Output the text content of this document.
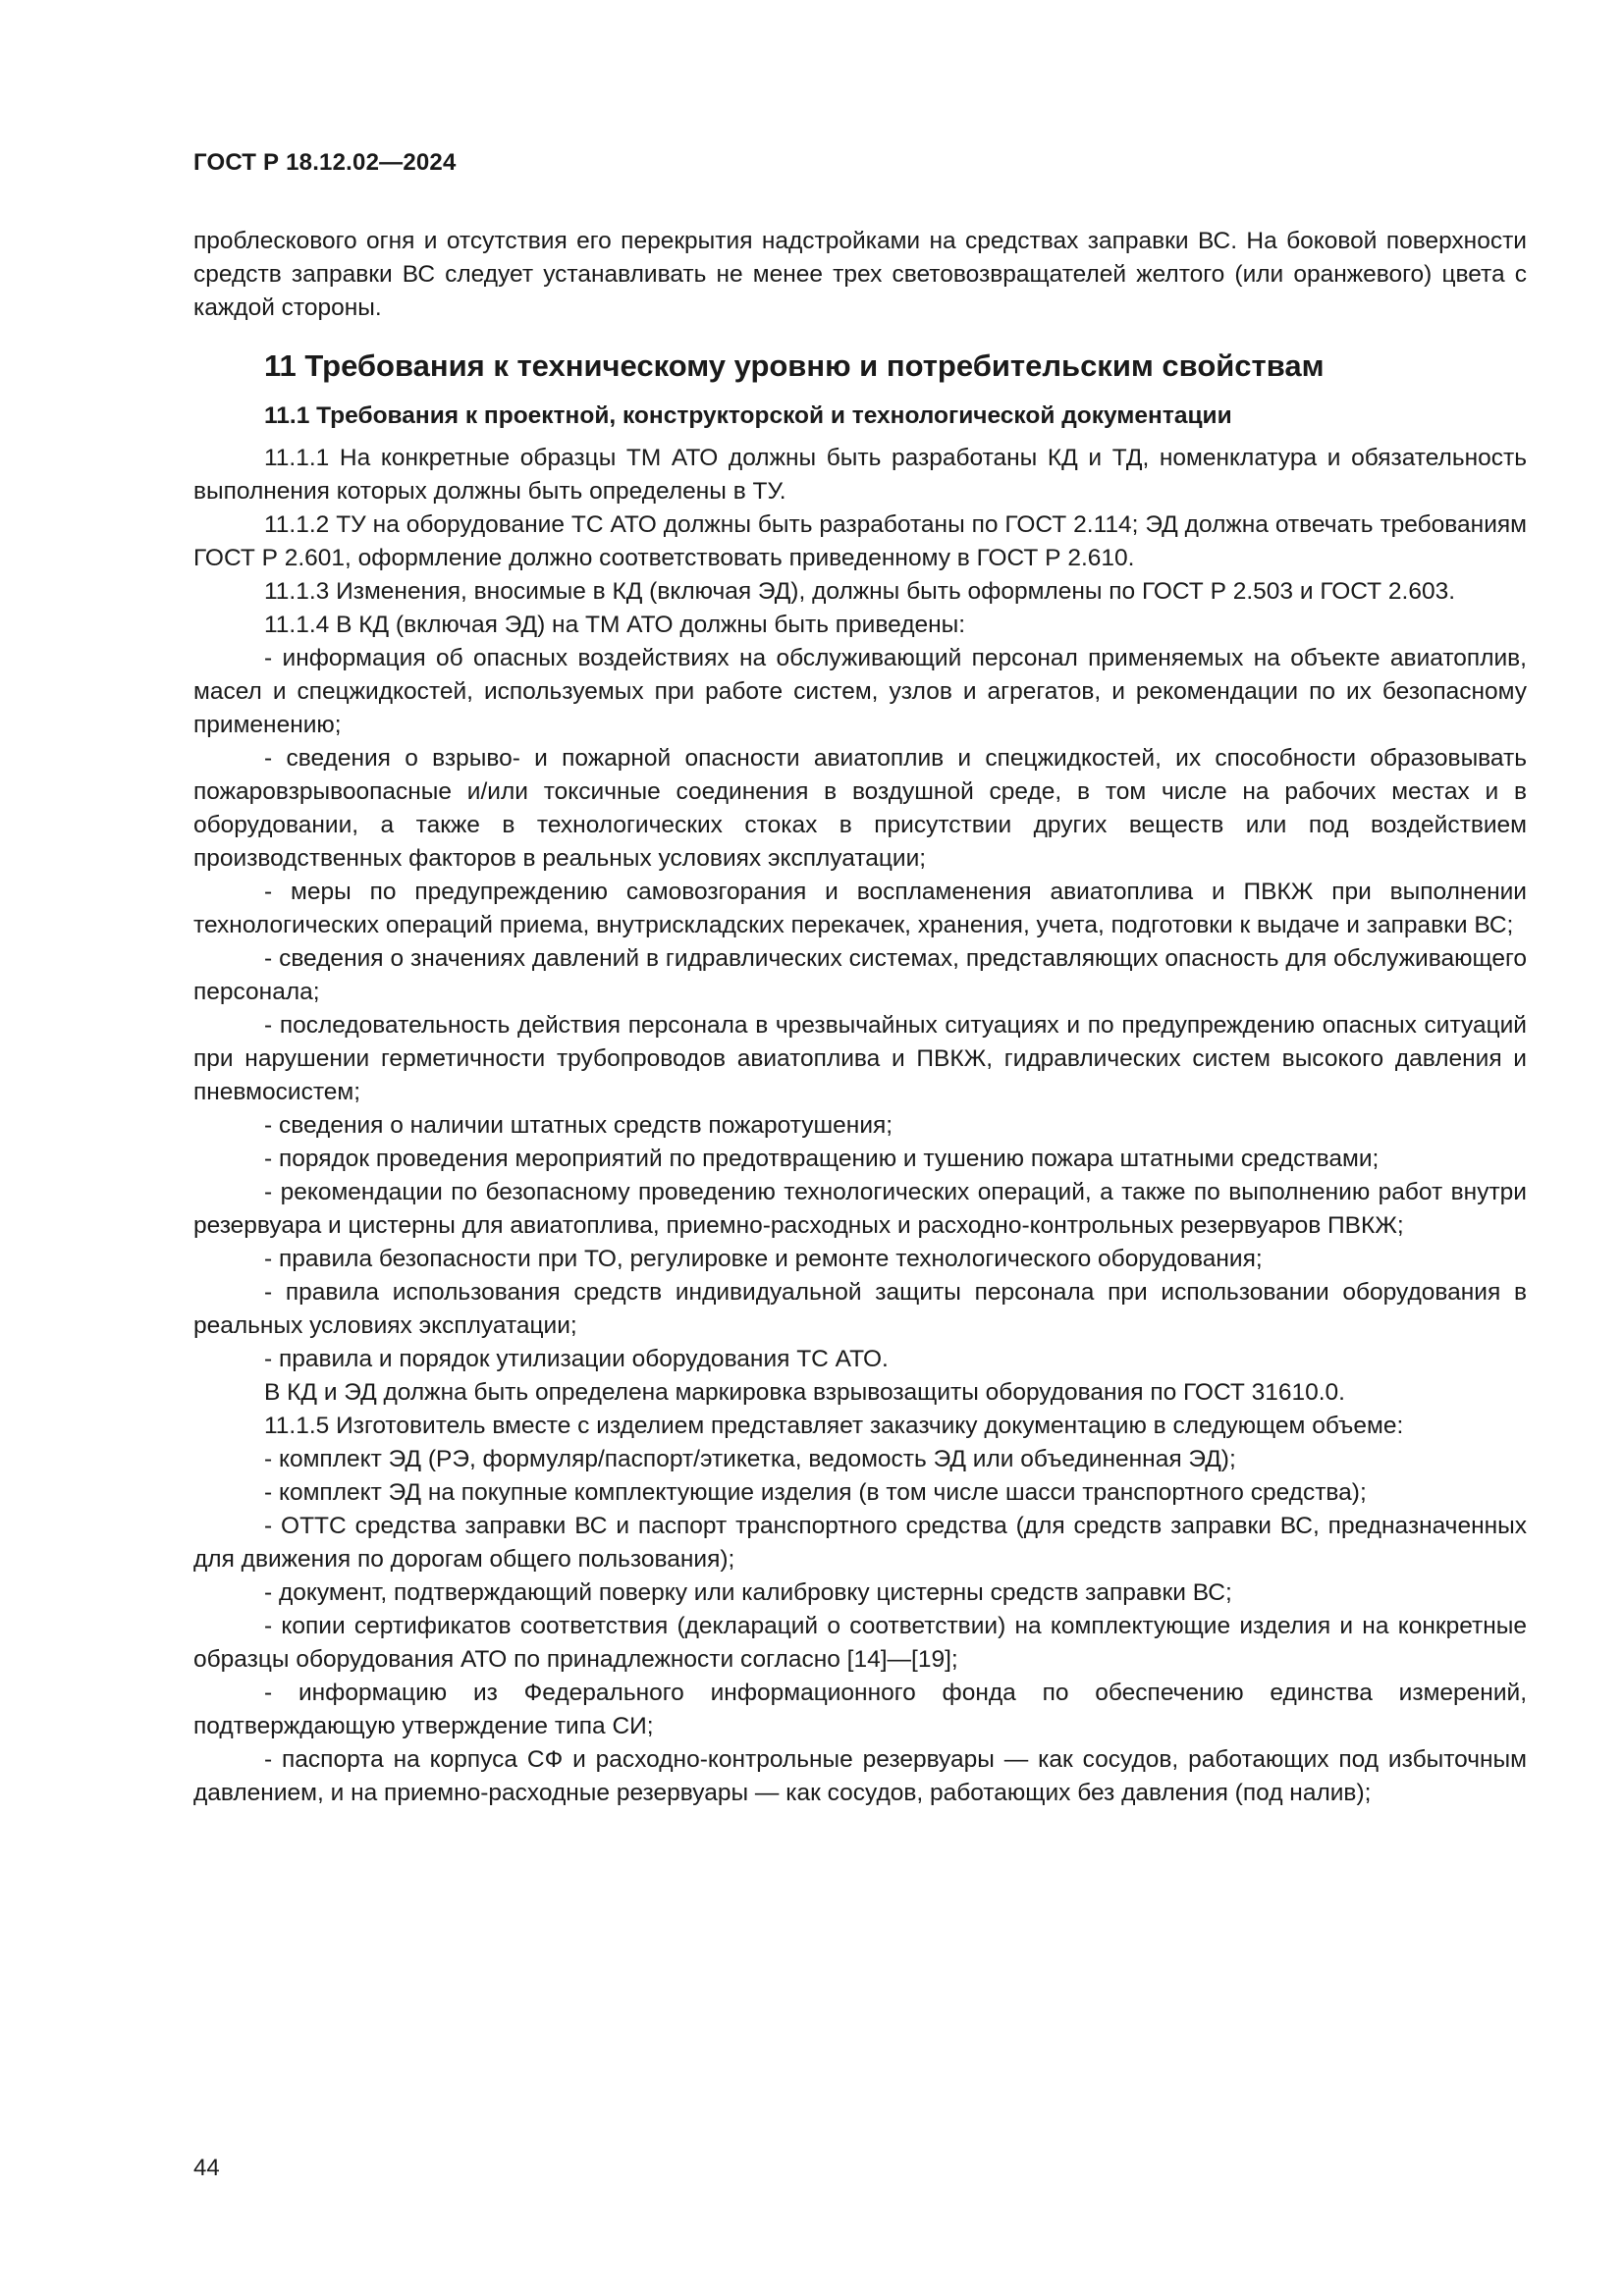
ГОСТ Р 18.12.02—2024

проблескового огня и отсутствия его перекрытия надстройками на средствах заправки ВС. На боковой поверхности средств заправки ВС следует устанавливать не менее трех световозвращателей желтого (или оранжевого) цвета с каждой стороны.

11 Требования к техническому уровню и потребительским свойствам
11.1 Требования к проектной, конструкторской и технологической документации

11.1.1 На конкретные образцы ТМ АТО должны быть разработаны КД и ТД, номенклатура и обязательность выполнения которых должны быть определены в ТУ.

11.1.2 ТУ на оборудование ТС АТО должны быть разработаны по ГОСТ 2.114; ЭД должна отвечать требованиям ГОСТ Р 2.601, оформление должно соответствовать приведенному в ГОСТ Р 2.610.

11.1.3 Изменения, вносимые в КД (включая ЭД), должны быть оформлены по ГОСТ Р 2.503 и ГОСТ 2.603.

11.1.4 В КД (включая ЭД) на ТМ АТО должны быть приведены:

- информация об опасных воздействиях на обслуживающий персонал применяемых на объекте авиатоплив, масел и спецжидкостей, используемых при работе систем, узлов и агрегатов, и рекомендации по их безопасному применению;

- сведения о взрыво- и пожарной опасности авиатоплив и спецжидкостей, их способности образовывать пожаровзрывоопасные и/или токсичные соединения в воздушной среде, в том числе на рабочих местах и в оборудовании, а также в технологических стоках в присутствии других веществ или под воздействием производственных факторов в реальных условиях эксплуатации;

- меры по предупреждению самовозгорания и воспламенения авиатоплива и ПВКЖ при выполнении технологических операций приема, внутрискладских перекачек, хранения, учета, подготовки к выдаче и заправки ВС;

- сведения о значениях давлений в гидравлических системах, представляющих опасность для обслуживающего персонала;

- последовательность действия персонала в чрезвычайных ситуациях и по предупреждению опасных ситуаций при нарушении герметичности трубопроводов авиатоплива и ПВКЖ, гидравлических систем высокого давления и пневмосистем;

- сведения о наличии штатных средств пожаротушения;

- порядок проведения мероприятий по предотвращению и тушению пожара штатными средствами;

- рекомендации по безопасному проведению технологических операций, а также по выполнению работ внутри резервуара и цистерны для авиатоплива, приемно-расходных и расходно-контрольных резервуаров ПВКЖ;

- правила безопасности при ТО, регулировке и ремонте технологического оборудования;

- правила использования средств индивидуальной защиты персонала при использовании оборудования в реальных условиях эксплуатации;

- правила и порядок утилизации оборудования ТС АТО.

В КД и ЭД должна быть определена маркировка взрывозащиты оборудования по ГОСТ 31610.0.

11.1.5 Изготовитель вместе с изделием представляет заказчику документацию в следующем объеме:

- комплект ЭД (РЭ, формуляр/паспорт/этикетка, ведомость ЭД или объединенная ЭД);

- комплект ЭД на покупные комплектующие изделия (в том числе шасси транспортного средства);

- ОТТС средства заправки ВС и паспорт транспортного средства (для средств заправки ВС, предназначенных для движения по дорогам общего пользования);

- документ, подтверждающий поверку или калибровку цистерны средств заправки ВС;

- копии сертификатов соответствия (деклараций о соответствии) на комплектующие изделия и на конкретные образцы оборудования АТО по принадлежности согласно [14]—[19];

- информацию из Федерального информационного фонда по обеспечению единства измерений, подтверждающую утверждение типа СИ;

- паспорта на корпуса СФ и расходно-контрольные резервуары — как сосудов, работающих под избыточным давлением, и на приемно-расходные резервуары — как сосудов, работающих без давления (под налив);

44
